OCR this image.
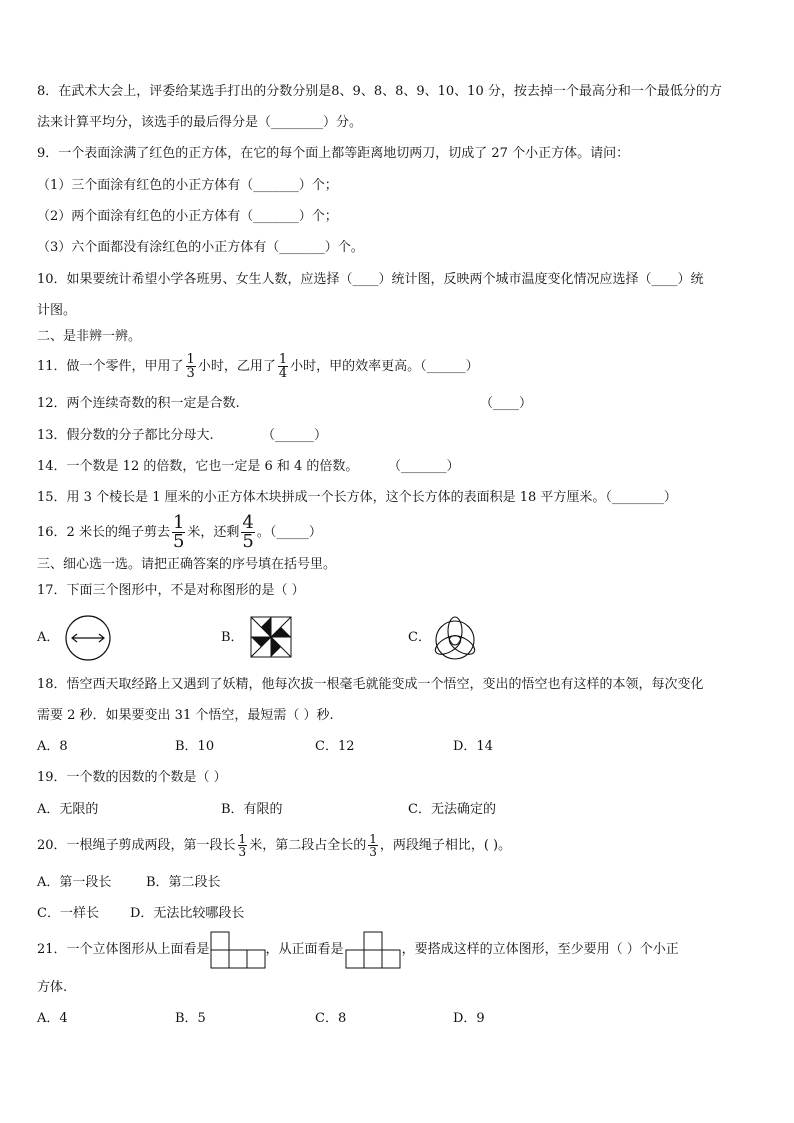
8．在武术大会上，评委给某选手打出的分数分别是8、9、8、8、9、10、10 分，按去掉一个最高分和一个最低分的方
法来计算平均分，该选手的最后得分是（________）分。
9．一个表面涂满了红色的正方体，在它的每个面上都等距离地切两刀，切成了 27 个小正方体。请问：
（1）三个面涂有红色的小正方体有（_______）个；
（2）两个面涂有红色的小正方体有（_______）个；
（3）六个面都没有涂红色的小正方体有（_______）个。
10．如果要统计希望小学各班男、女生人数，应选择（____）统计图，反映两个城市温度变化情况应选择（____）统
计图。
二、是非辨一辨。
11．做一个零件，甲用了 $\frac{1}{3}$ 小时，乙用了 $\frac{1}{4}$ 小时，甲的效率更高。（______）
12．两个连续奇数的积一定是合数.	（____）
13．假分数的分子都比分母大.	（______）
14．一个数是 12 的倍数，它也一定是 6 和 4 的倍数。 （_______）
15．用 3 个棱长是 1 厘米的小正方体木块拼成一个长方体，这个长方体的表面积是 18 平方厘米。（________）
16．2 米长的绳子剪去 $\frac{1}{5}$ 米，还剩 $\frac{4}{5}$ 。（_____）
三、细心选一选。请把正确答案的序号填在括号里。
17．下面三个图形中，不是对称图形的是（ ）
A．	B．	C．
18．悟空西天取经路上又遇到了妖精，他每次拔一根毫毛就能变成一个悟空，变出的悟空也有这样的本领，每次变化
需要 2 秒．如果要变出 31 个悟空，最短需（ ）秒.
A．8	B．10	C．12	D．14
19．一个数的因数的个数是（ ）
A．无限的	B．有限的	C．无法确定的
20．一根绳子剪成两段，第一段长 $\frac{1}{3}$ 米，第二段占全长的 $\frac{1}{3}$ ，两段绳子相比，( )。
A．第一段长	B．第二段长
C．一样长 D．无法比较哪段长
21．一个立体图形从上面看是	，从正面看是	，要搭成这样的立体图形，至少要用（ ）个小正
方体.
A．4	B．5	C．8	D．9
